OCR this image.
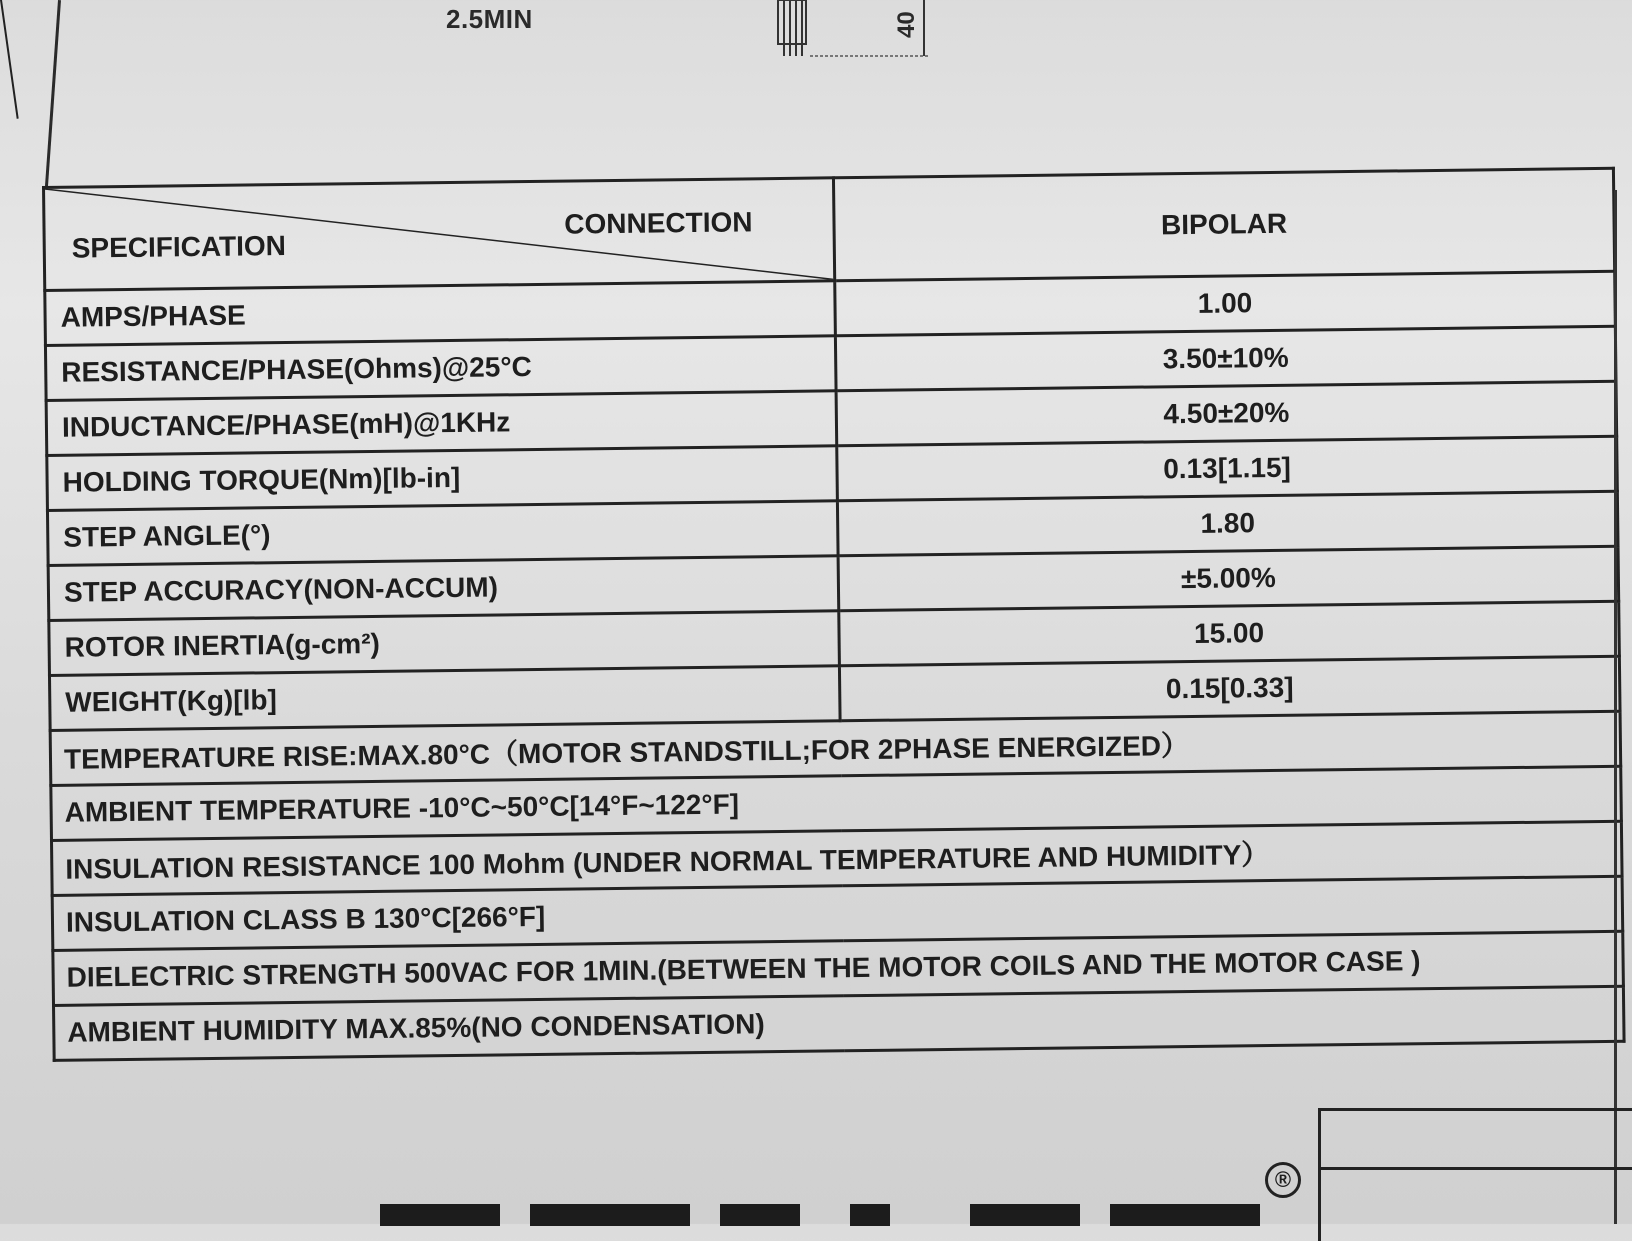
2.5MIN	40
SPECIFICATION
CONNECTION	BIPOLAR
AMPS/PHASE	1.00
RESISTANCE/PHASE(Ohms)@25°C	3.50±10%
INDUCTANCE/PHASE(mH)@1KHz	4.50±20%
HOLDING TORQUE(Nm)[lb-in]	0.13[1.15]
STEP ANGLE(°)	1.80
STEP ACCURACY(NON-ACCUM)	±5.00%
ROTOR INERTIA(g-cm²)	15.00
WEIGHT(Kg)[lb]	0.15[0.33]
TEMPERATURE RISE:MAX.80°C（MOTOR STANDSTILL;FOR 2PHASE ENERGIZED）	
AMBIENT TEMPERATURE -10°C~50°C[14°F~122°F]	
INSULATION RESISTANCE 100 Mohm (UNDER NORMAL TEMPERATURE AND HUMIDITY）	
INSULATION CLASS B 130°C[266°F]	
DIELECTRIC STRENGTH 500VAC FOR 1MIN.(BETWEEN THE MOTOR COILS AND THE MOTOR CASE )	
AMBIENT HUMIDITY MAX.85%(NO CONDENSATION)	
®
